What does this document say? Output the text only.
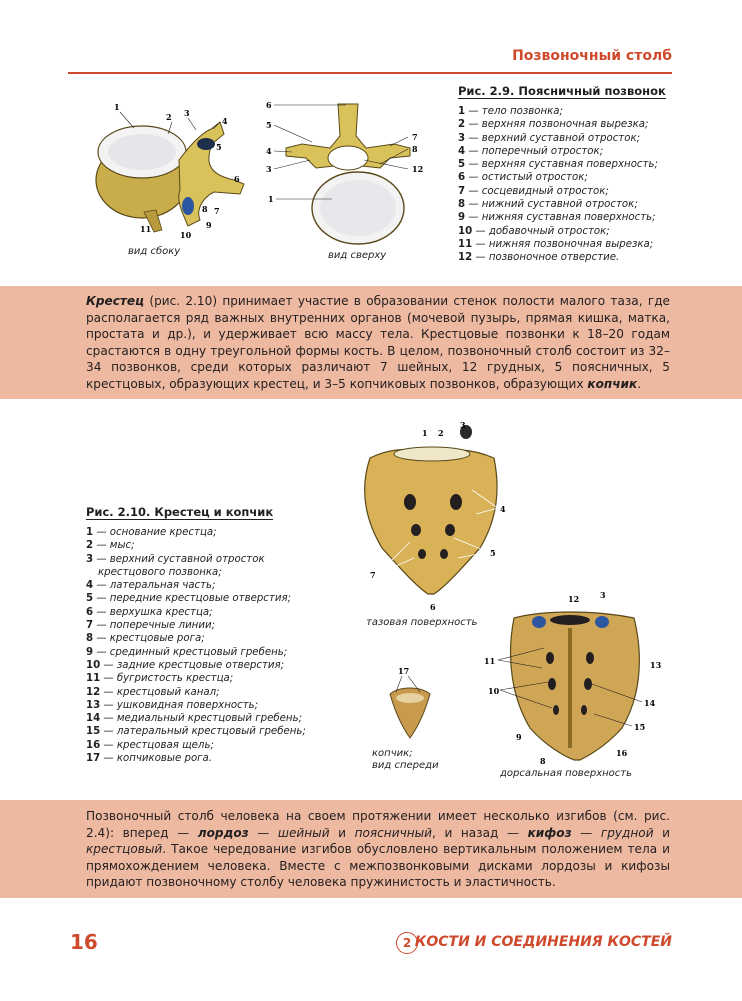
Позвоночный столб
1
2 3
4
5
6
7
8
9
10
11
вид сбоку
6
5
4
3
1
7
8
12
вид сверху
Рис. 2.9. Поясничный позвонок
1 — тело позвонка;
2 — верхняя позвоночная вырезка;
3 — верхний суставной отросток;
4 — поперечный отросток;
5 — верхняя суставная поверхность;
6 — остистый отросток;
7 — сосцевидный отросток;
8 — нижний суставной отросток;
9 — нижняя суставная поверхность;
10 — добавочный отросток;
11 — нижняя позвоночная вырезка;
12 — позвоночное отверстие.

Крестец (рис. 2.10) принимает участие в образовании стенок полости малого таза, где располагается ряд важных внутренних органов (мочевой пузырь, прямая кишка, матка, простата и др.), и удерживает всю массу тела. Крестцовые позвонки к 18–20 годам срастаются в одну треугольной формы кость. В целом, позвоночный столб состоит из 32–34 позвонков, среди которых различают 7 шейных, 12 грудных, 5 поясничных, 5 крестцовых, образующих крестец, и 3–5 копчиковых позвонков, образующих копчик.

1 2
3
4
5
6
7
тазовая поверхность
17
копчик;
вид спереди
12	3
11	13
10
14
15
9
8
16
дорсальная поверхность
Рис. 2.10. Крестец и копчик
1 — основание крестца;
2 — мыс;
3 — верхний суставной отросток
крестцового позвонка;
4 — латеральная часть;
5 — передние крестцовые отверстия;
6 — верхушка крестца;
7 — поперечные линии;
8 — крестцовые рога;
9 — срединный крестцовый гребень;
10 — задние крестцовые отверстия;
11 — бугристость крестца;
12 — крестцовый канал;
13 — ушковидная поверхность;
14 — медиальный крестцовый гребень;
15 — латеральный крестцовый гребень;
16 — крестцовая щель;
17 — копчиковые рога.

Позвоночный столб человека на своем протяжении имеет несколько изгибов (см. рис. 2.4): вперед — лордоз — шейный и поясничный, и назад — кифоз — грудной и крестцовый. Такое чередование изгибов обусловлено вертикальным положением тела и прямохождением человека. Вместе с межпозвонковыми дисками лордозы и кифозы придают позвоночному столбу человека пружинистость и эластичность.

16	2 КОСТИ И СОЕДИНЕНИЯ КОСТЕЙ
